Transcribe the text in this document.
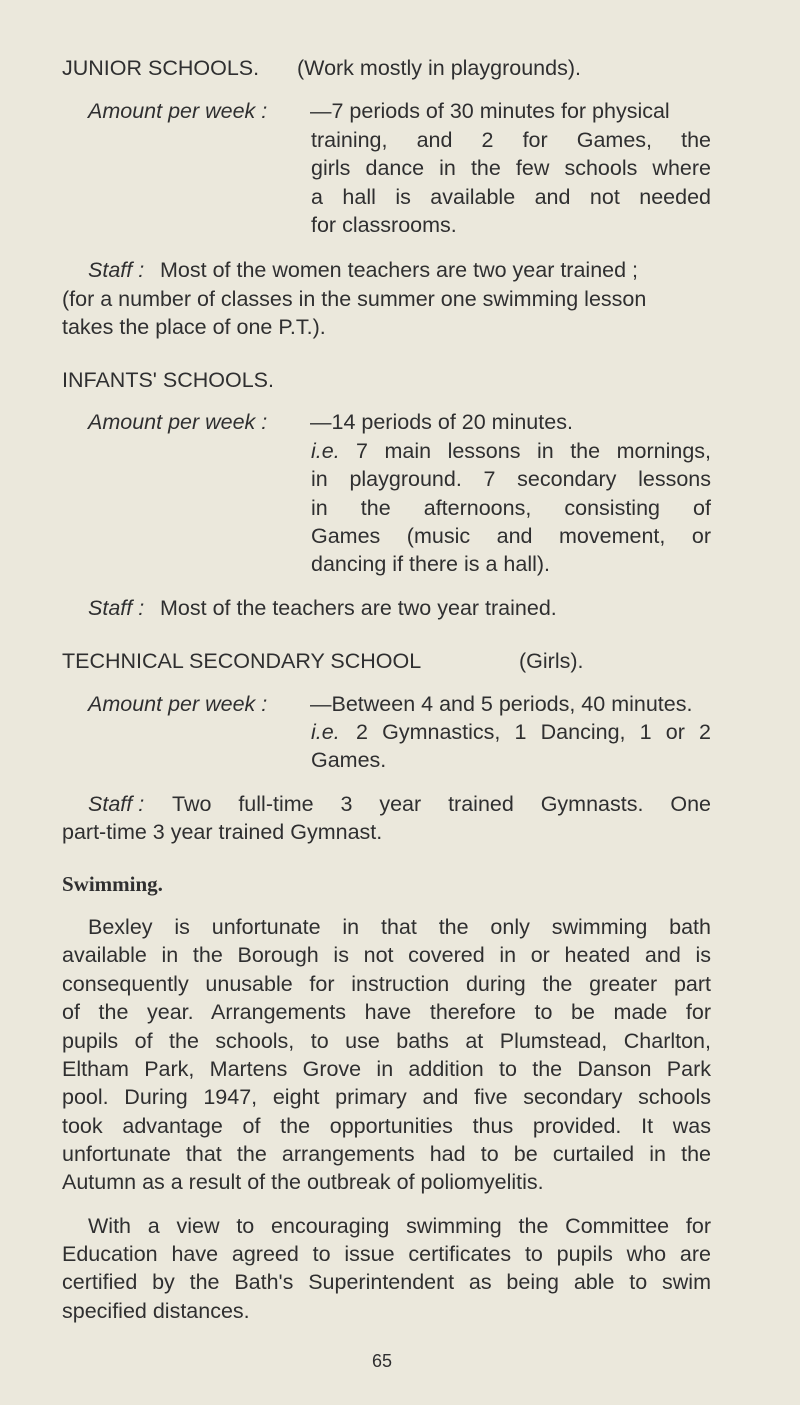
JUNIOR SCHOOLS. (Work mostly in playgrounds).
Amount per week : —7 periods of 30 minutes for physical
training, and 2 for Games, the
girls dance in the few schools where
a hall is available and not needed
for classrooms.
Staff : Most of the women teachers are two year trained ;
(for a number of classes in the summer one swimming lesson
takes the place of one P.T.).
INFANTS' SCHOOLS.
Amount per week : —14 periods of 20 minutes.
i.e. 7 main lessons in the mornings,
in playground. 7 secondary lessons
in the afternoons, consisting of
Games (music and movement, or
dancing if there is a hall).
Staff : Most of the teachers are two year trained.
TECHNICAL SECONDARY SCHOOL	(Girls).
Amount per week : —Between 4 and 5 periods, 40 minutes.
i.e. 2 Gymnastics, 1 Dancing, 1 or 2
Games.
Staff : Two full-time 3 year trained Gymnasts. One
part-time 3 year trained Gymnast.
Swimming.
Bexley is unfortunate in that the only swimming bath
available in the Borough is not covered in or heated and is
consequently unusable for instruction during the greater part
of the year. Arrangements have therefore to be made for
pupils of the schools, to use baths at Plumstead, Charlton,
Eltham Park, Martens Grove in addition to the Danson Park
pool. During 1947, eight primary and five secondary schools
took advantage of the opportunities thus provided. It was
unfortunate that the arrangements had to be curtailed in the
Autumn as a result of the outbreak of poliomyelitis.
With a view to encouraging swimming the Committee for
Education have agreed to issue certificates to pupils who are
certified by the Bath's Superintendent as being able to swim
specified distances.
65
